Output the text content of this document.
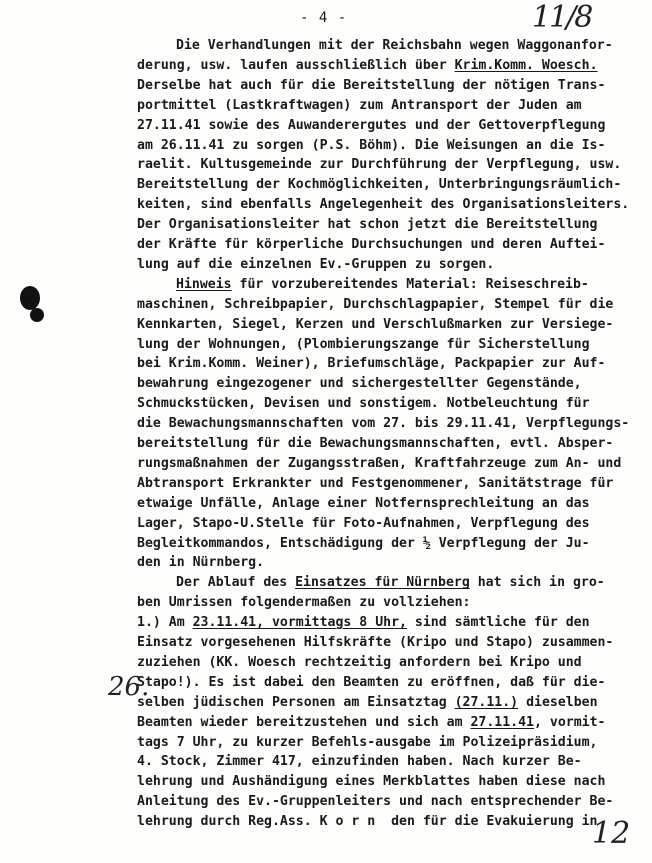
- 4 -	11/8
26.
12
Die Verhandlungen mit der Reichsbahn wegen Waggonanfor-
derung, usw. laufen ausschließlich über Krim.Komm. Woesch.
Derselbe hat auch für die Bereitstellung der nötigen Trans-
portmittel (Lastkraftwagen) zum Antransport der Juden am
27.11.41 sowie des Auwanderergutes und der Gettoverpflegung
am 26.11.41 zu sorgen (P.S. Böhm). Die Weisungen an die Is-
raelit. Kultusgemeinde zur Durchführung der Verpflegung, usw.
Bereitstellung der Kochmöglichkeiten, Unterbringungsräumlich-
keiten, sind ebenfalls Angelegenheit des Organisationsleiters.
Der Organisationsleiter hat schon jetzt die Bereitstellung
der Kräfte für körperliche Durchsuchungen und deren Auftei-
lung auf die einzelnen Ev.-Gruppen zu sorgen.
Hinweis für vorzubereitendes Material: Reiseschreib-
maschinen, Schreibpapier, Durchschlagpapier, Stempel für die
Kennkarten, Siegel, Kerzen und Verschlußmarken zur Versiege-
lung der Wohnungen, (Plombierungszange für Sicherstellung
bei Krim.Komm. Weiner), Briefumschläge, Packpapier zur Auf-
bewahrung eingezogener und sichergestellter Gegenstände,
Schmuckstücken, Devisen und sonstigem. Notbeleuchtung für
die Bewachungsmannschaften vom 27. bis 29.11.41, Verpflegungs-
bereitstellung für die Bewachungsmannschaften, evtl. Absper-
rungsmaßnahmen der Zugangsstraßen, Kraftfahrzeuge zum An- und
Abtransport Erkrankter und Festgenommener, Sanitätstrage für
etwaige Unfälle, Anlage einer Notfernsprechleitung an das
Lager, Stapo-U.Stelle für Foto-Aufnahmen, Verpflegung des
Begleitkommandos, Entschädigung der ½ Verpflegung der Ju-
den in Nürnberg.
Der Ablauf des Einsatzes für Nürnberg hat sich in gro-
ben Umrissen folgendermaßen zu vollziehen:
1.) Am 23.11.41, vormittags 8 Uhr, sind sämtliche für den
Einsatz vorgesehenen Hilfskräfte (Kripo und Stapo) zusammen-
zuziehen (KK. Woesch rechtzeitig anfordern bei Kripo und
Stapo!). Es ist dabei den Beamten zu eröffnen, daß für die-
selben jüdischen Personen am Einsatztag (27.11.) dieselben
Beamten wieder bereitzustehen und sich am 27.11.41, vormit-
tags 7 Uhr, zu kurzer Befehls-ausgabe im Polizeipräsidium,
4. Stock, Zimmer 417, einzufinden haben. Nach kurzer Be-
lehrung und Aushändigung eines Merkblattes haben diese nach
Anleitung des Ev.-Gruppenleiters und nach entsprechender Be-
lehrung durch Reg.Ass. K o r n  den für die Evakuierung in
